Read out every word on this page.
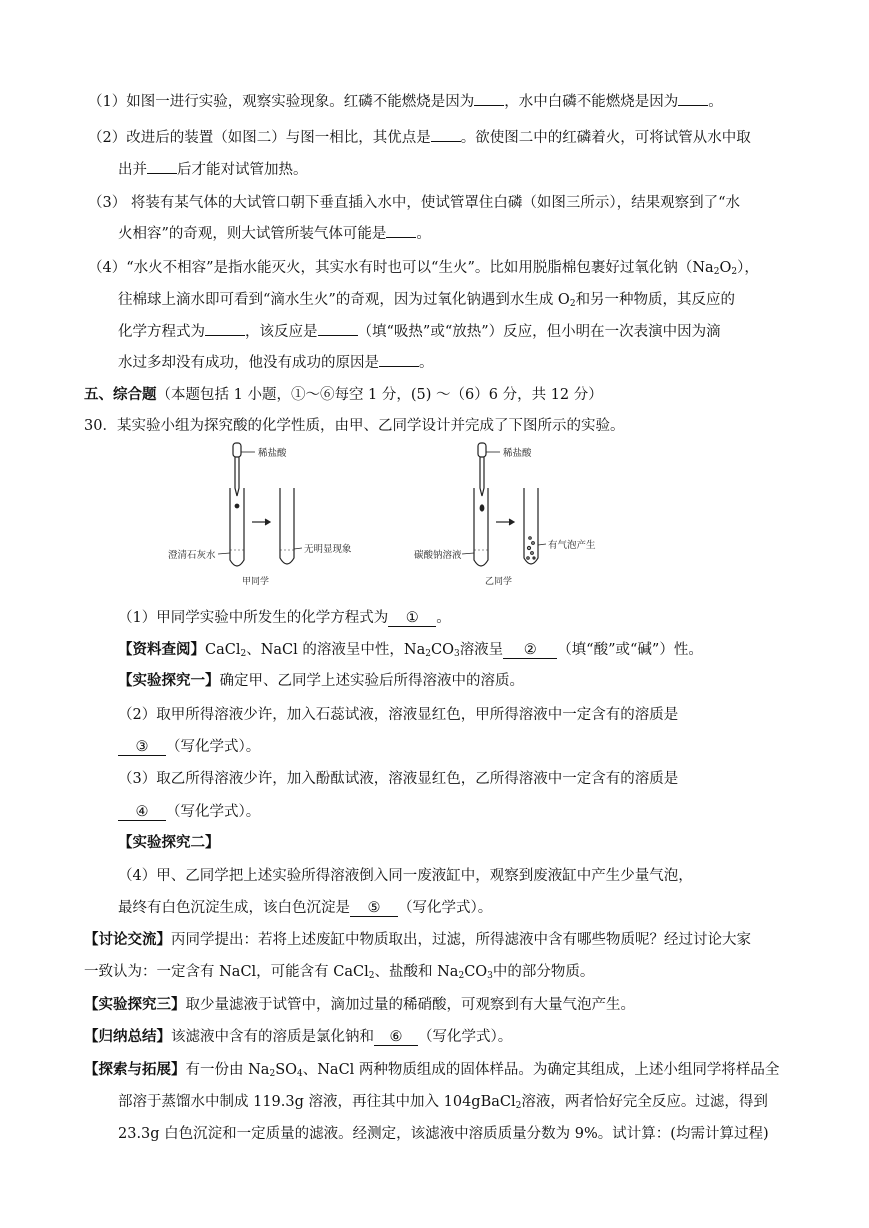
（1）如图一进行实验，观察实验现象。红磷不能燃烧是因为 ，水中白磷不能燃烧是因为 。
（2）改进后的装置（如图二）与图一相比，其优点是 。欲使图二中的红磷着火，可将试管从水中取
出并 后才能对试管加热。
（3） 将装有某气体的大试管口朝下垂直插入水中，使试管罩住白磷（如图三所示），结果观察到了“水
火相容”的奇观，则大试管所装气体可能是 。
（4）“水火不相容”是指水能灭火，其实水有时也可以“生火”。比如用脱脂棉包裹好过氧化钠$(Na_2O_2)$，
往棉球上滴水即可看到“滴水生火”的奇观，因为过氧化钠遇到水生成 $O_2$和另一种物质，其反应的
化学方程式为	，该反应是	（填“吸热”或“放热”）反应，但小明在一次表演中因为滴
水过多却没有成功，他没有成功的原因是	。
五、综合题（本题包括 1 小题，①～⑥每空 1 分，(5) ～（6）6 分，共 12 分）
30．某实验小组为探究酸的化学性质，由甲、乙同学设计并完成了下图所示的实验。
稀盐酸
澄清石灰水
无明显现象
甲同学
稀盐酸
碳酸钠溶液
有气泡产生
乙同学
（1）甲同学实验中所发生的化学方程式为 ① 。
【资料查阅】CaCl$_2$、NaCl 的溶液呈中性，$Na_2CO_3$溶液呈 ② （填“酸”或“碱”）性。
【实验探究一】确定甲、乙同学上述实验后所得溶液中的溶质。
（2）取甲所得溶液少许，加入石蕊试液，溶液显红色，甲所得溶液中一定含有的溶质是
③ （写化学式）。
（3）取乙所得溶液少许，加入酚酞试液，溶液显红色，乙所得溶液中一定含有的溶质是
④ （写化学式）。
【实验探究二】
（4）甲、乙同学把上述实验所得溶液倒入同一废液缸中，观察到废液缸中产生少量气泡，
最终有白色沉淀生成，该白色沉淀是 ⑤ （写化学式）。
【讨论交流】丙同学提出：若将上述废缸中物质取出，过滤，所得滤液中含有哪些物质呢？经过讨论大家
一致认为：一定含有 NaCl，可能含有 CaCl$_2$、盐酸和 $Na_2CO_3$中的部分物质。
【实验探究三】取少量滤液于试管中，滴加过量的稀硝酸，可观察到有大量气泡产生。
【归纳总结】该滤液中含有的溶质是氯化钠和 ⑥ （写化学式）。
【探索与拓展】有一份由 $Na_2SO_4$、NaCl 两种物质组成的固体样品。为确定其组成，上述小组同学将样品全
部溶于蒸馏水中制成 119.3g 溶液，再往其中加入 104gBaCl$_2$溶液，两者恰好完全反应。过滤，得到
23.3g 白色沉淀和一定质量的滤液。经测定，该滤液中溶质质量分数为 9%。试计算：(均需计算过程)
